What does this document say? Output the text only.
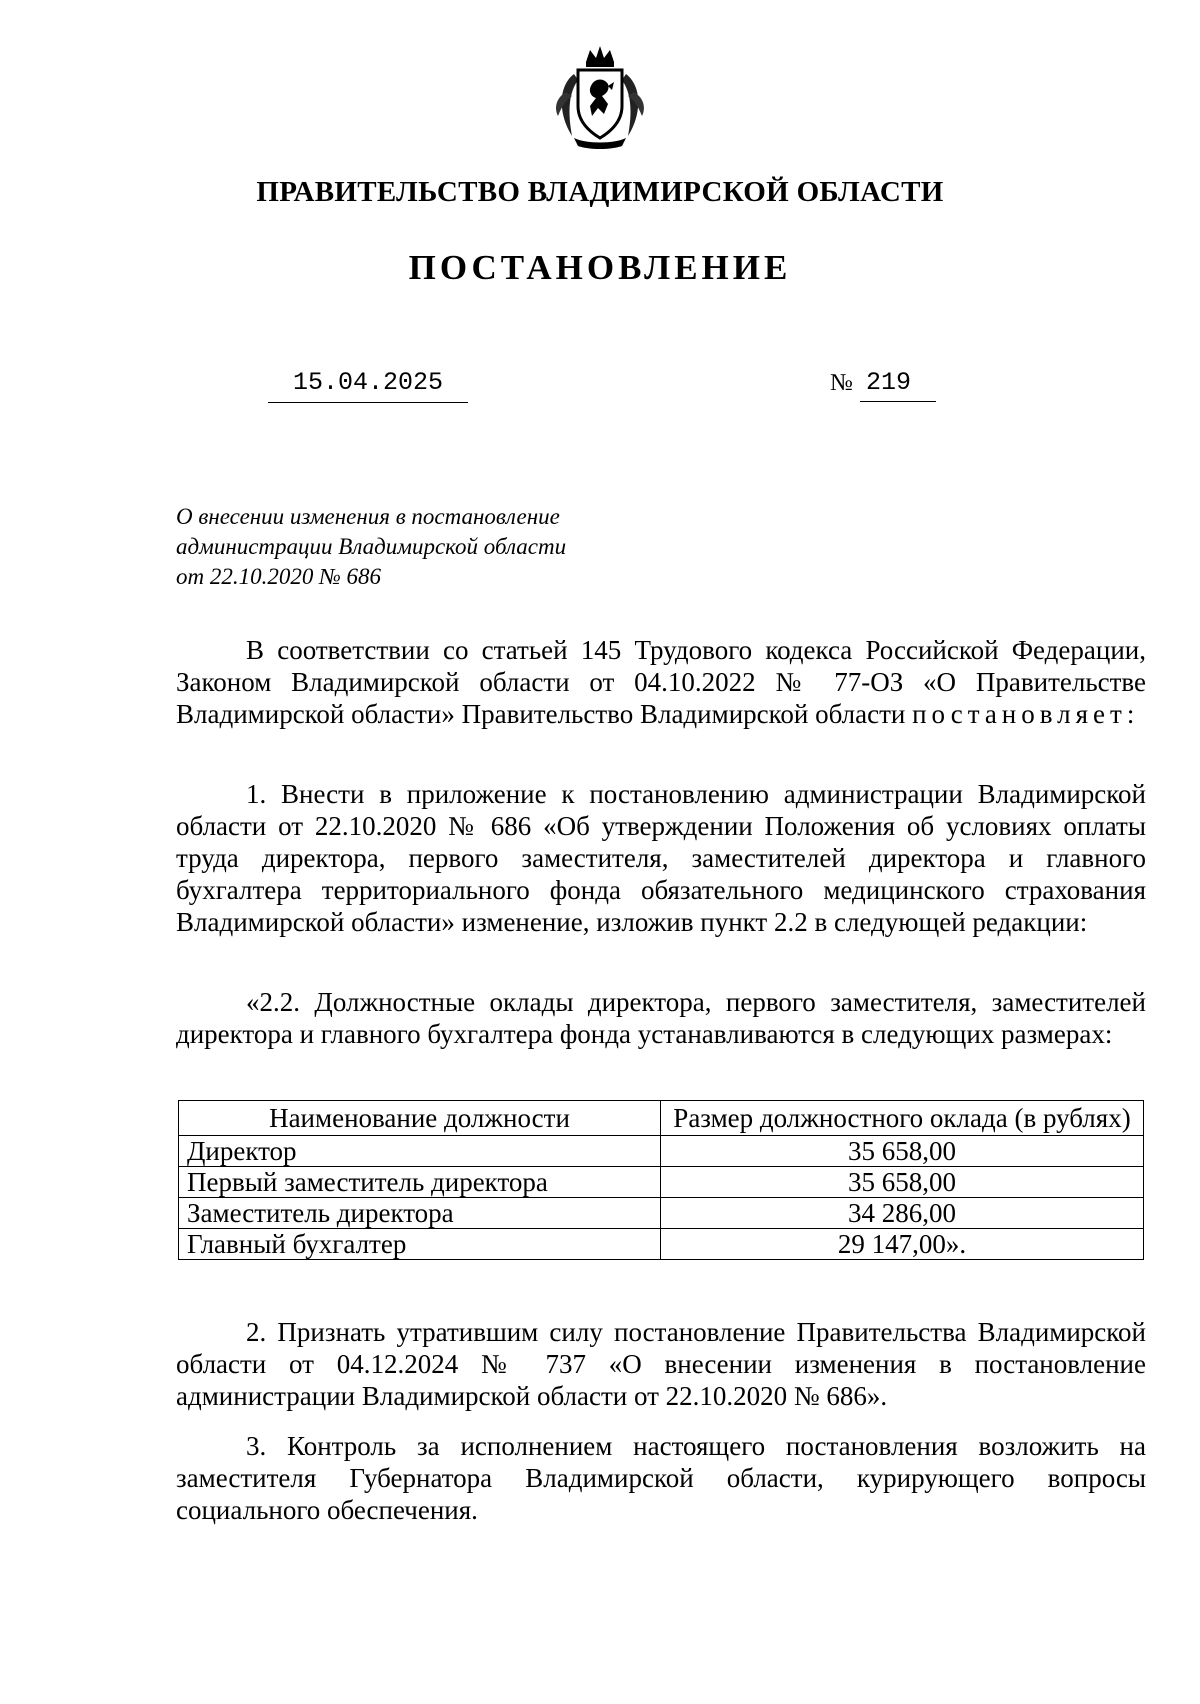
ПРАВИТЕЛЬСТВО ВЛАДИМИРСКОЙ ОБЛАСТИ
ПОСТАНОВЛЕНИЕ
15.04.2025	№ 219
О внесении изменения в постановление
администрации Владимирской области
от 22.10.2020 № 686
В соответствии со статьей 145 Трудового кодекса Российской Федерации, Законом Владимирской области от 04.10.2022 № 77-ОЗ «О Правительстве Владимирской области» Правительство Владимирской области постановляет:
1. Внести в приложение к постановлению администрации Владимирской области от 22.10.2020 № 686 «Об утверждении Положения об условиях оплаты труда директора, первого заместителя, заместителей директора и главного бухгалтера территориального фонда обязательного медицинского страхования Владимирской области» изменение, изложив пункт 2.2 в следующей редакции:
«2.2. Должностные оклады директора, первого заместителя, заместителей директора и главного бухгалтера фонда устанавливаются в следующих размерах:
Наименование должности	Размер должностного оклада (в рублях)
Директор	35 658,00
Первый заместитель директора	35 658,00
Заместитель директора	34 286,00
Главный бухгалтер	29 147,00».
2. Признать утратившим силу постановление Правительства Владимирской области от 04.12.2024 № 737 «О внесении изменения в постановление администрации Владимирской области от 22.10.2020 № 686».
3. Контроль за исполнением настоящего постановления возложить на заместителя Губернатора Владимирской области, курирующего вопросы социального обеспечения.
